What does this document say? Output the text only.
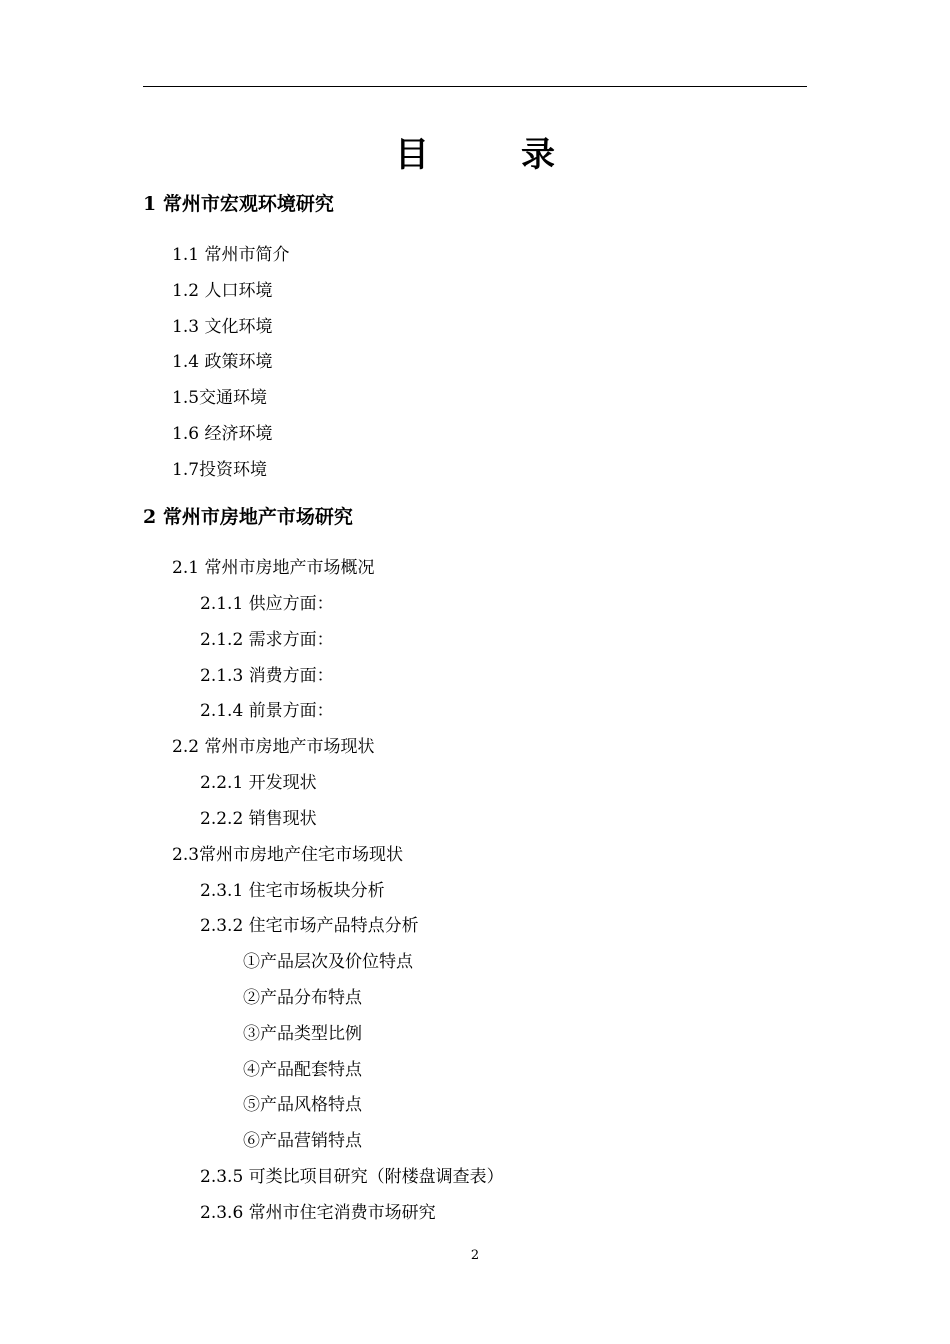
目	录
1 常州市宏观环境研究
1.1 常州市简介
1.2 人口环境
1.3 文化环境
1.4 政策环境
1.5交通环境
1.6 经济环境
1.7投资环境
2 常州市房地产市场研究
2.1 常州市房地产市场概况
2.1.1 供应方面：
2.1.2 需求方面：
2.1.3 消费方面：
2.1.4 前景方面：
2.2 常州市房地产市场现状
2.2.1 开发现状
2.2.2 销售现状
2.3常州市房地产住宅市场现状
2.3.1 住宅市场板块分析
2.3.2 住宅市场产品特点分析
①产品层次及价位特点
②产品分布特点
③产品类型比例
④产品配套特点
⑤产品风格特点
⑥产品营销特点
2.3.5 可类比项目研究（附楼盘调查表）
2.3.6 常州市住宅消费市场研究
2
